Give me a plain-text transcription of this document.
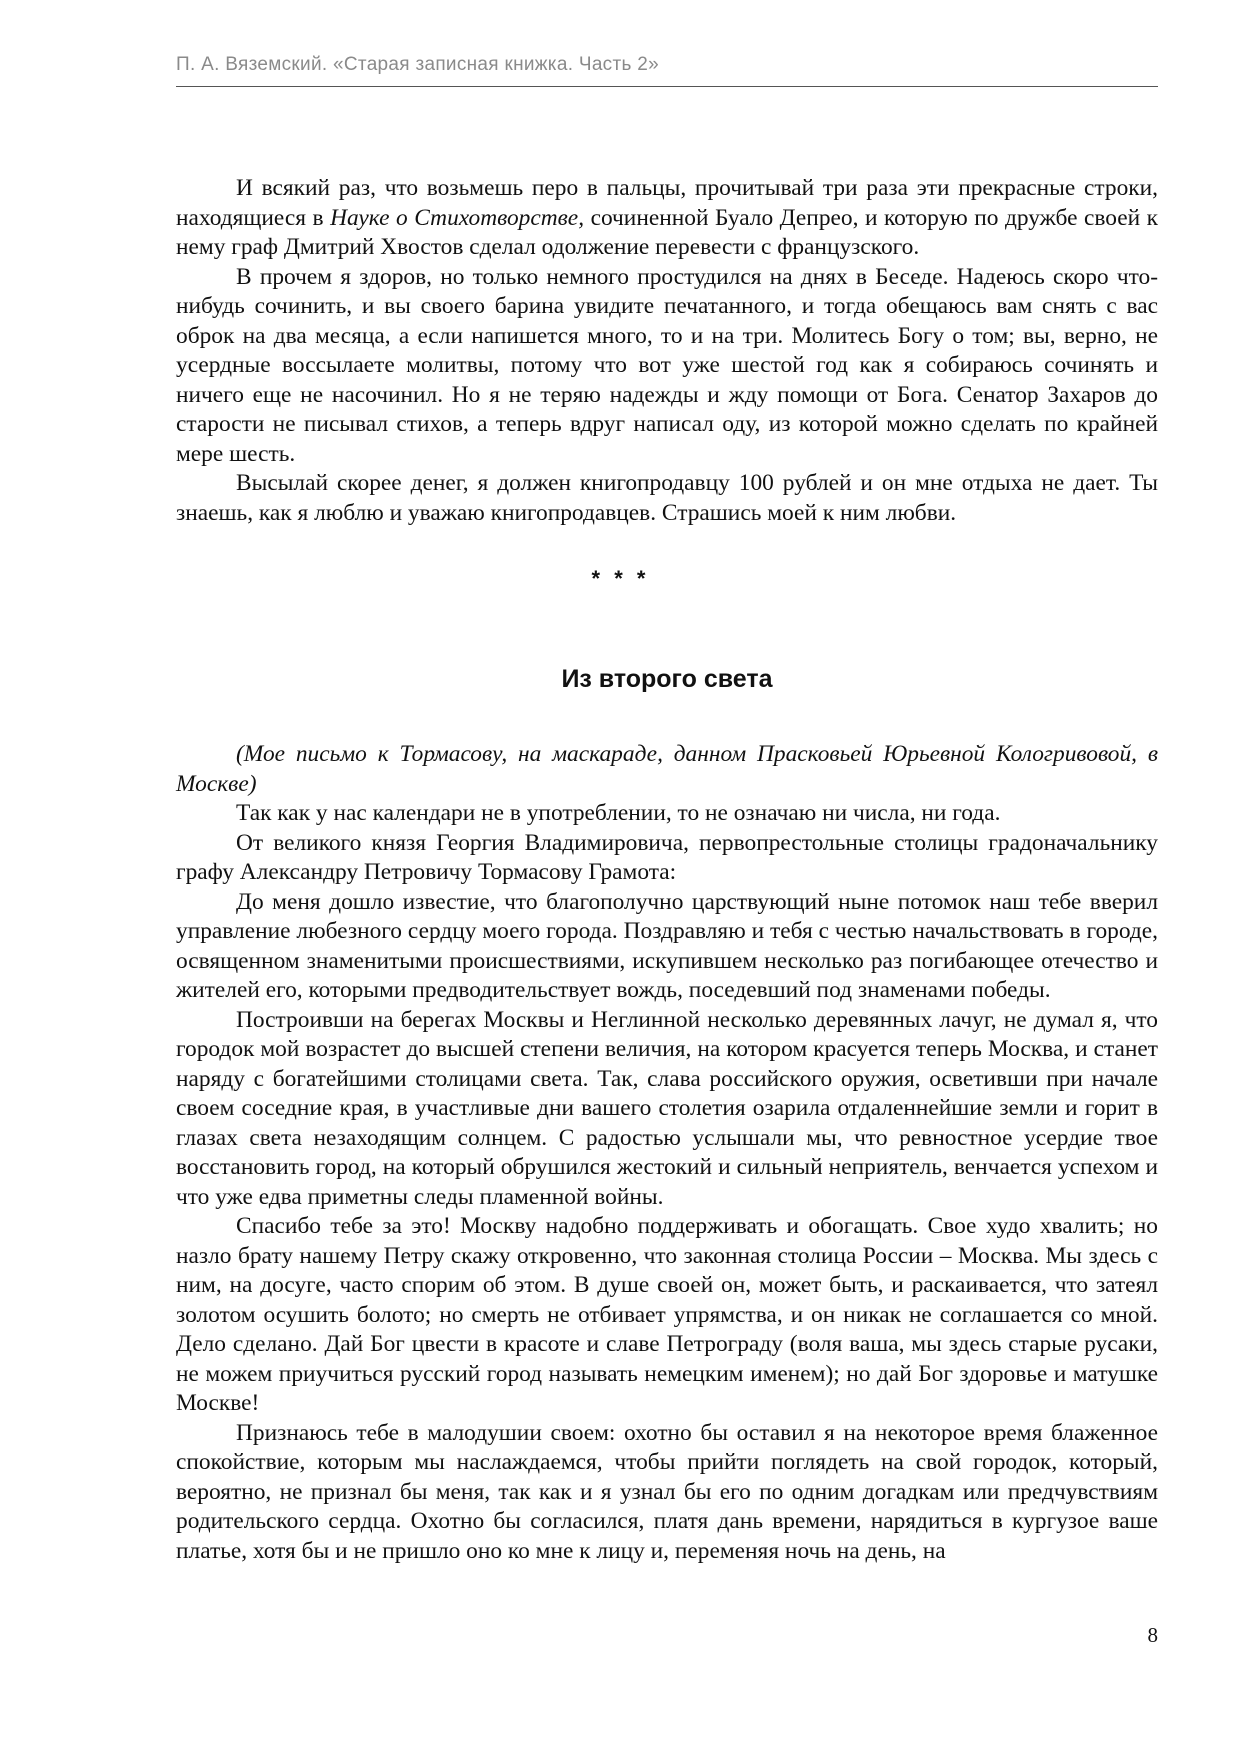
П. А. Вяземский. «Старая записная книжка. Часть 2»

И всякий раз, что возьмешь перо в пальцы, прочитывай три раза эти прекрасные строки, находящиеся в Науке о Стихотворстве, сочиненной Буало Депрео, и которую по дружбе своей к нему граф Дмитрий Хвостов сделал одолжение перевести с французского.

В прочем я здоров, но только немного простудился на днях в Беседе. Надеюсь скоро что-нибудь сочинить, и вы своего барина увидите печатанного, и тогда обещаюсь вам снять с вас оброк на два месяца, а если напишется много, то и на три. Молитесь Богу о том; вы, верно, не усердные воссылаете молитвы, потому что вот уже шестой год как я собираюсь сочинять и ничего еще не насочинил. Но я не теряю надежды и жду помощи от Бога. Сенатор Захаров до старости не писывал стихов, а теперь вдруг написал оду, из которой можно сделать по крайней мере шесть.

Высылай скорее денег, я должен книгопродавцу 100 рублей и он мне отдыха не дает. Ты знаешь, как я люблю и уважаю книгопродавцев. Страшись моей к ним любви.

* * *
Из второго света

(Мое письмо к Тормасову, на маскараде, данном Прасковьей Юрьевной Кологривовой, в Москве)

Так как у нас календари не в употреблении, то не означаю ни числа, ни года.

От великого князя Георгия Владимировича, первопрестольные столицы градоначальнику графу Александру Петровичу Тормасову Грамота:

До меня дошло известие, что благополучно царствующий ныне потомок наш тебе вверил управление любезного сердцу моего города. Поздравляю и тебя с честью начальствовать в городе, освященном знаменитыми происшествиями, искупившем несколько раз погибающее отечество и жителей его, которыми предводительствует вождь, поседевший под знаменами победы.

Построивши на берегах Москвы и Неглинной несколько деревянных лачуг, не думал я, что городок мой возрастет до высшей степени величия, на котором красуется теперь Москва, и станет наряду с богатейшими столицами света. Так, слава российского оружия, осветивши при начале своем соседние края, в участливые дни вашего столетия озарила отдаленнейшие земли и горит в глазах света незаходящим солнцем. С радостью услышали мы, что ревностное усердие твое восстановить город, на который обрушился жестокий и сильный неприятель, венчается успехом и что уже едва приметны следы пламенной войны.

Спасибо тебе за это! Москву надобно поддерживать и обогащать. Свое худо хвалить; но назло брату нашему Петру скажу откровенно, что законная столица России – Москва. Мы здесь с ним, на досуге, часто спорим об этом. В душе своей он, может быть, и раскаивается, что затеял золотом осушить болото; но смерть не отбивает упрямства, и он никак не соглашается со мной. Дело сделано. Дай Бог цвести в красоте и славе Петрограду (воля ваша, мы здесь старые русаки, не можем приучиться русский город называть немецким именем); но дай Бог здоровье и матушке Москве!

Признаюсь тебе в малодушии своем: охотно бы оставил я на некоторое время блаженное спокойствие, которым мы наслаждаемся, чтобы прийти поглядеть на свой городок, который, вероятно, не признал бы меня, так как и я узнал бы его по одним догадкам или предчувствиям родительского сердца. Охотно бы согласился, платя дань времени, нарядиться в кургузое ваше платье, хотя бы и не пришло оно ко мне к лицу и, переменяя ночь на день, на

8
